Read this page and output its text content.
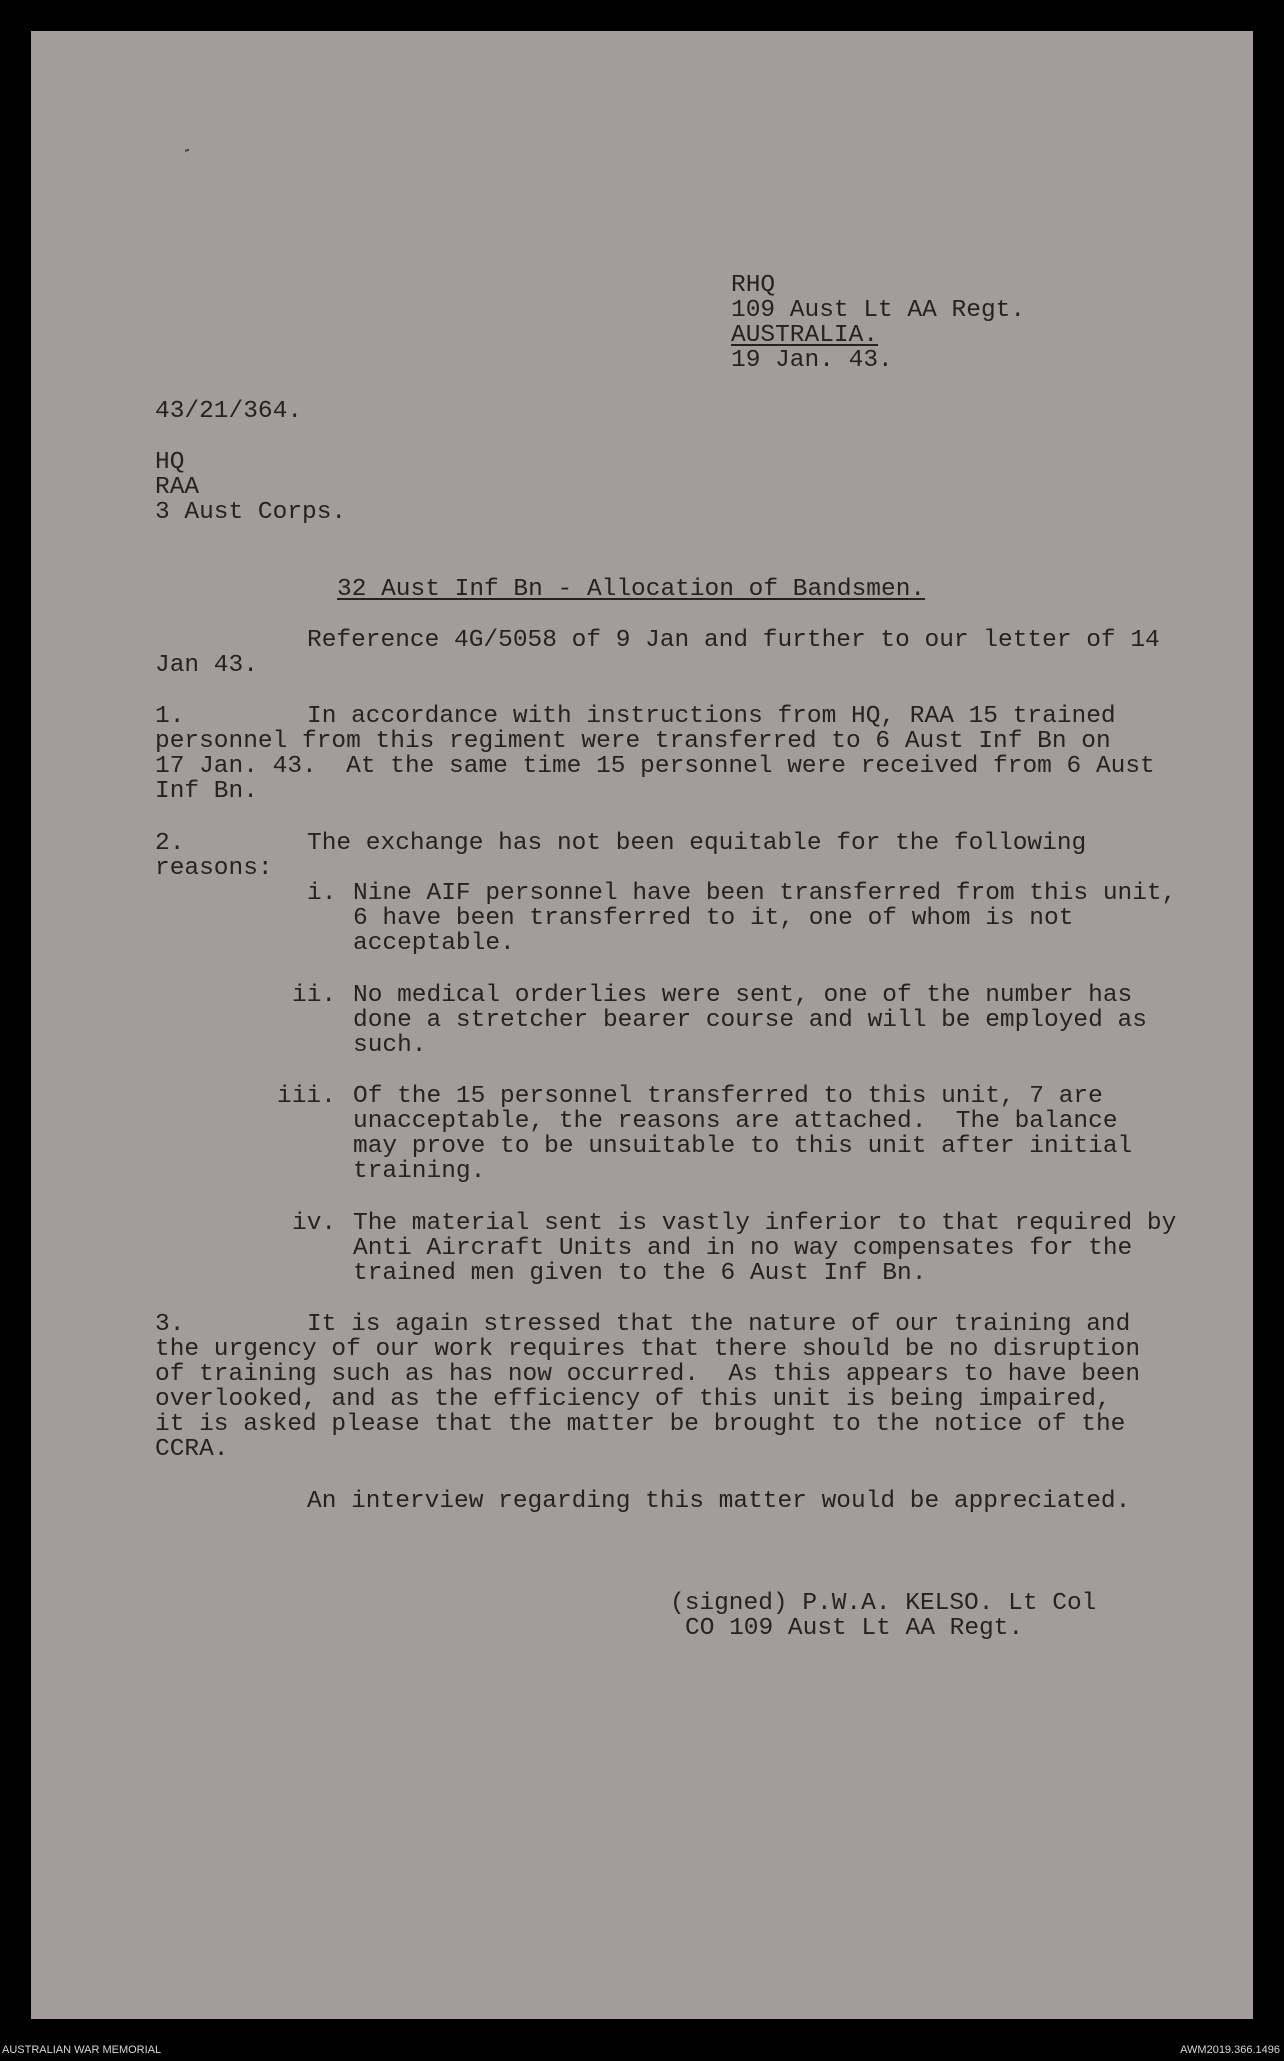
RHQ

109 Aust Lt AA Regt.

AUSTRALIA.

19 Jan. 43.

43/21/364.

HQ

RAA

3 Aust Corps.

32 Aust Inf Bn - Allocation of Bandsmen.

Reference 4G/5058 of 9 Jan and further to our letter of 14

Jan 43.

1.	In accordance with instructions from HQ, RAA 15 trained

personnel from this regiment were transferred to 6 Aust Inf Bn on

17 Jan. 43.  At the same time 15 personnel were received from 6 Aust

Inf Bn.

2.	The exchange has not been equitable for the following

reasons:

i. Nine AIF personnel have been transferred from this unit,

6 have been transferred to it, one of whom is not

acceptable.

ii. No medical orderlies were sent, one of the number has

done a stretcher bearer course and will be employed as

such.

iii. Of the 15 personnel transferred to this unit, 7 are

unacceptable, the reasons are attached.  The balance

may prove to be unsuitable to this unit after initial

training.

iv. The material sent is vastly inferior to that required by

Anti Aircraft Units and in no way compensates for the

trained men given to the 6 Aust Inf Bn.

3.	It is again stressed that the nature of our training and

the urgency of our work requires that there should be no disruption

of training such as has now occurred.  As this appears to have been

overlooked, and as the efficiency of this unit is being impaired,

it is asked please that the matter be brought to the notice of the

CCRA.

An interview regarding this matter would be appreciated.

(signed) P.W.A. KELSO. Lt Col

CO 109 Aust Lt AA Regt.

AUSTRALIAN WAR MEMORIAL	AWM2019.366.1496
